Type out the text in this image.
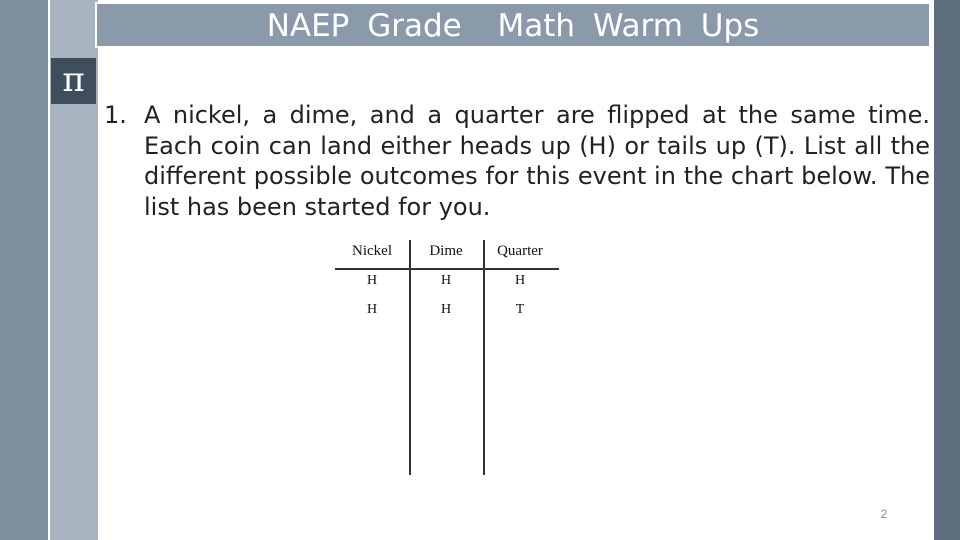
π
NAEP Grade  Math Warm Ups
1. A nickel, a dime, and a quarter are flipped at the same time. Each coin can land either heads up (H) or tails up (T). List all the different possible outcomes for this event in the chart below. The list has been started for you.
Nickel	Dime	Quarter
H	H	H
H	H	T
2
